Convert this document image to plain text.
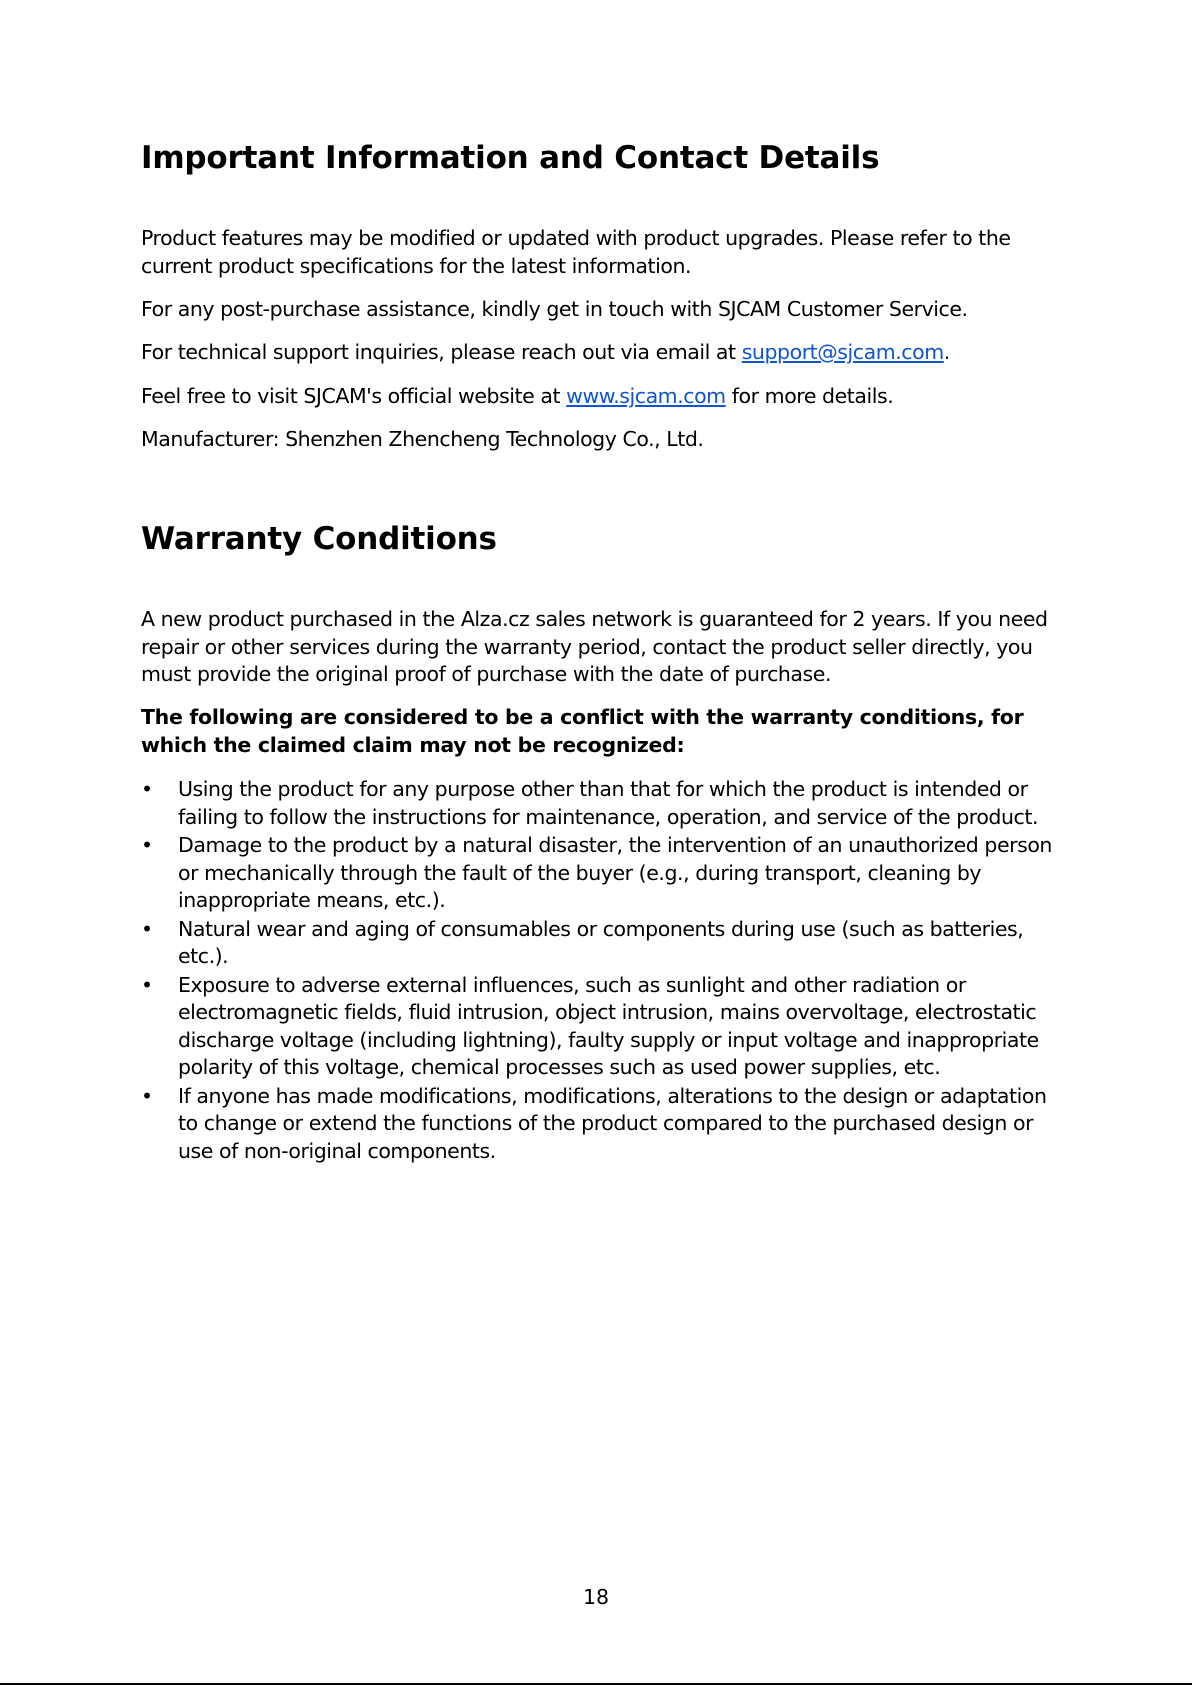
Important Information and Contact Details

Product features may be modified or updated with product upgrades. Please refer to the current product specifications for the latest information.

For any post-purchase assistance, kindly get in touch with SJCAM Customer Service.

For technical support inquiries, please reach out via email at support@sjcam.com.

Feel free to visit SJCAM's official website at www.sjcam.com for more details.

Manufacturer: Shenzhen Zhencheng Technology Co., Ltd.

Warranty Conditions

A new product purchased in the Alza.cz sales network is guaranteed for 2 years. If you need repair or other services during the warranty period, contact the product seller directly, you must provide the original proof of purchase with the date of purchase.

The following are considered to be a conflict with the warranty conditions, for which the claimed claim may not be recognized:

• Using the product for any purpose other than that for which the product is intended or failing to follow the instructions for maintenance, operation, and service of the product.
• Damage to the product by a natural disaster, the intervention of an unauthorized person or mechanically through the fault of the buyer (e.g., during transport, cleaning by inappropriate means, etc.).
• Natural wear and aging of consumables or components during use (such as batteries, etc.).
• Exposure to adverse external influences, such as sunlight and other radiation or electromagnetic fields, fluid intrusion, object intrusion, mains overvoltage, electrostatic discharge voltage (including lightning), faulty supply or input voltage and inappropriate polarity of this voltage, chemical processes such as used power supplies, etc.
• If anyone has made modifications, modifications, alterations to the design or adaptation to change or extend the functions of the product compared to the purchased design or use of non-original components.
18
